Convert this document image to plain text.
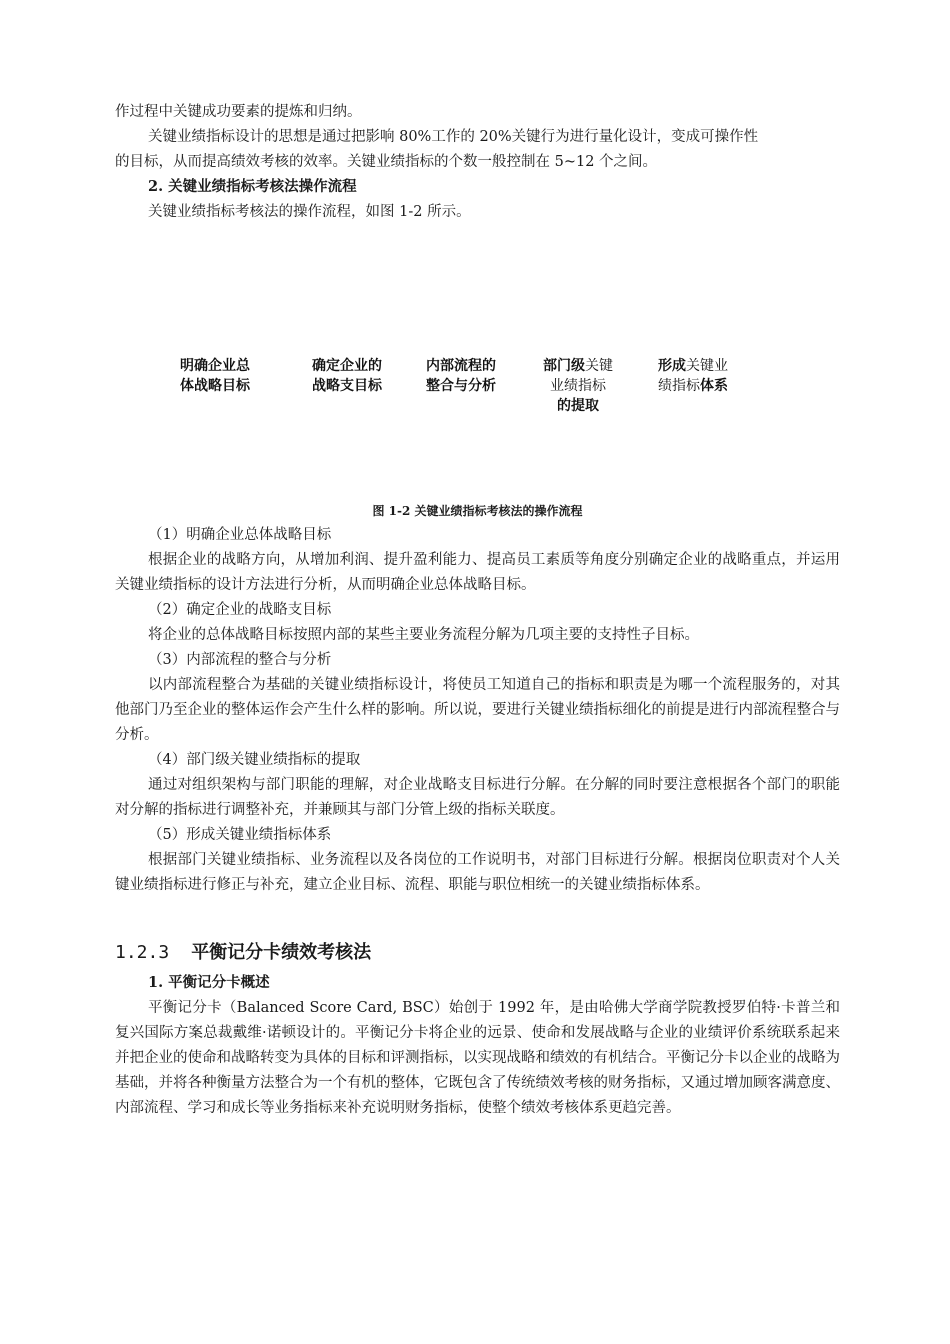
作过程中关键成功要素的提炼和归纳。
关键业绩指标设计的思想是通过把影响 80%工作的 20%关键行为进行量化设计，变成可操作性
的目标，从而提高绩效考核的效率。关键业绩指标的个数一般控制在 5~12 个之间。
2. 关键业绩指标考核法操作流程
关键业绩指标考核法的操作流程，如图 1-2 所示。
明确企业总
体战略目标
确定企业的
战略支目标
内部流程的
整合与分析
部门级关键
业绩指标
的提取
形成关键业
绩指标体系
图 1-2 关键业绩指标考核法的操作流程
（1）明确企业总体战略目标
根据企业的战略方向，从增加利润、提升盈利能力、提高员工素质等角度分别确定企业的战略重点，并运用关键业绩指标的设计方法进行分析，从而明确企业总体战略目标。
（2）确定企业的战略支目标
将企业的总体战略目标按照内部的某些主要业务流程分解为几项主要的支持性子目标。
（3）内部流程的整合与分析
以内部流程整合为基础的关键业绩指标设计，将使员工知道自己的指标和职责是为哪一个流程服务的，对其他部门乃至企业的整体运作会产生什么样的影响。所以说，要进行关键业绩指标细化的前提是进行内部流程整合与分析。
（4）部门级关键业绩指标的提取
通过对组织架构与部门职能的理解，对企业战略支目标进行分解。在分解的同时要注意根据各个部门的职能对分解的指标进行调整补充，并兼顾其与部门分管上级的指标关联度。
（5）形成关键业绩指标体系
根据部门关键业绩指标、业务流程以及各岗位的工作说明书，对部门目标进行分解。根据岗位职责对个人关键业绩指标进行修正与补充，建立企业目标、流程、职能与职位相统一的关键业绩指标体系。
1.2.3 平衡记分卡绩效考核法
1. 平衡记分卡概述
平衡记分卡（Balanced Score Card, BSC）始创于 1992 年，是由哈佛大学商学院教授罗伯特·卡普兰和复兴国际方案总裁戴维·诺顿设计的。平衡记分卡将企业的远景、使命和发展战略与企业的业绩评价系统联系起来并把企业的使命和战略转变为具体的目标和评测指标，以实现战略和绩效的有机结合。平衡记分卡以企业的战略为基础，并将各种衡量方法整合为一个有机的整体，它既包含了传统绩效考核的财务指标，又通过增加顾客满意度、内部流程、学习和成长等业务指标来补充说明财务指标，使整个绩效考核体系更趋完善。
